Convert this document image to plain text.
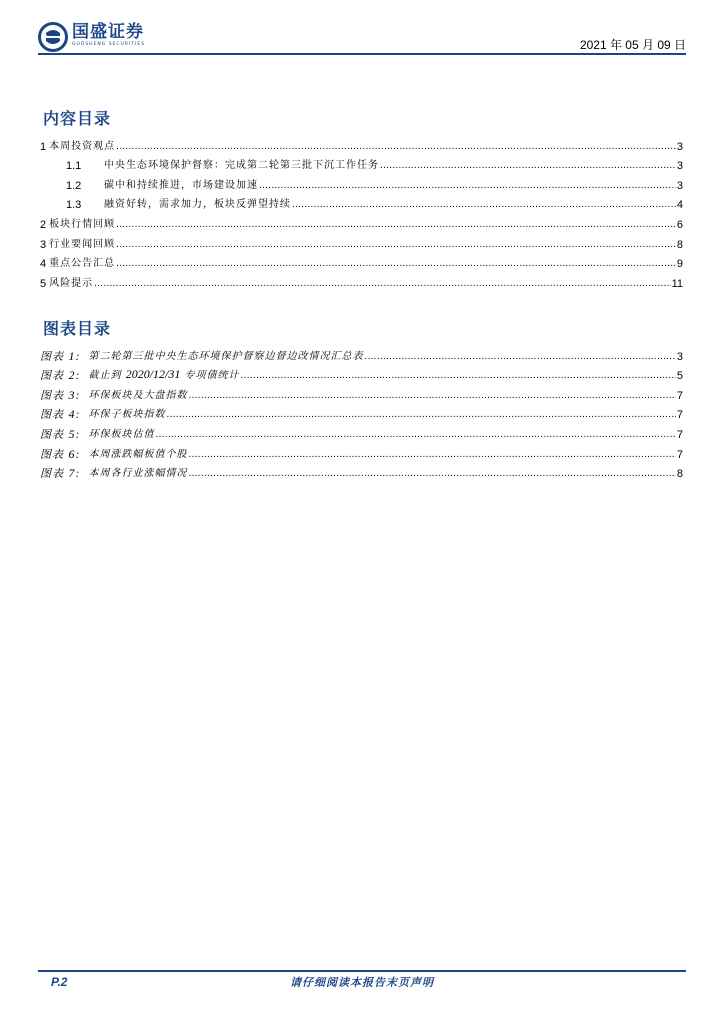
国盛证券
GUOSHENG SECURITIES	2021 年 05 月 09 日
内容目录
1 本周投资观点 .....	3
1.1 中央生态环境保护督察：完成第二轮第三批下沉工作任务 .....	3
1.2 碳中和持续推进，市场建设加速 .....	3
1.3 融资好转，需求加力，板块反弹望持续 .....	4
2 板块行情回顾 .....	6
3 行业要闻回顾 .....	8
4 重点公告汇总 .....	9
5 风险提示 .....	11
图表目录
图表 1: 第二轮第三批中央生态环境保护督察边督边改情况汇总表 .....	3
图表 2: 截止到 2020/12/31 专项债统计 .....	5
图表 3: 环保板块及大盘指数 .....	7
图表 4: 环保子板块指数 .....	7
图表 5: 环保板块估值 .....	7
图表 6: 本周涨跌幅板值个股 .....	7
图表 7: 本周各行业涨幅情况 .....	8
P.2	请仔细阅读本报告末页声明
